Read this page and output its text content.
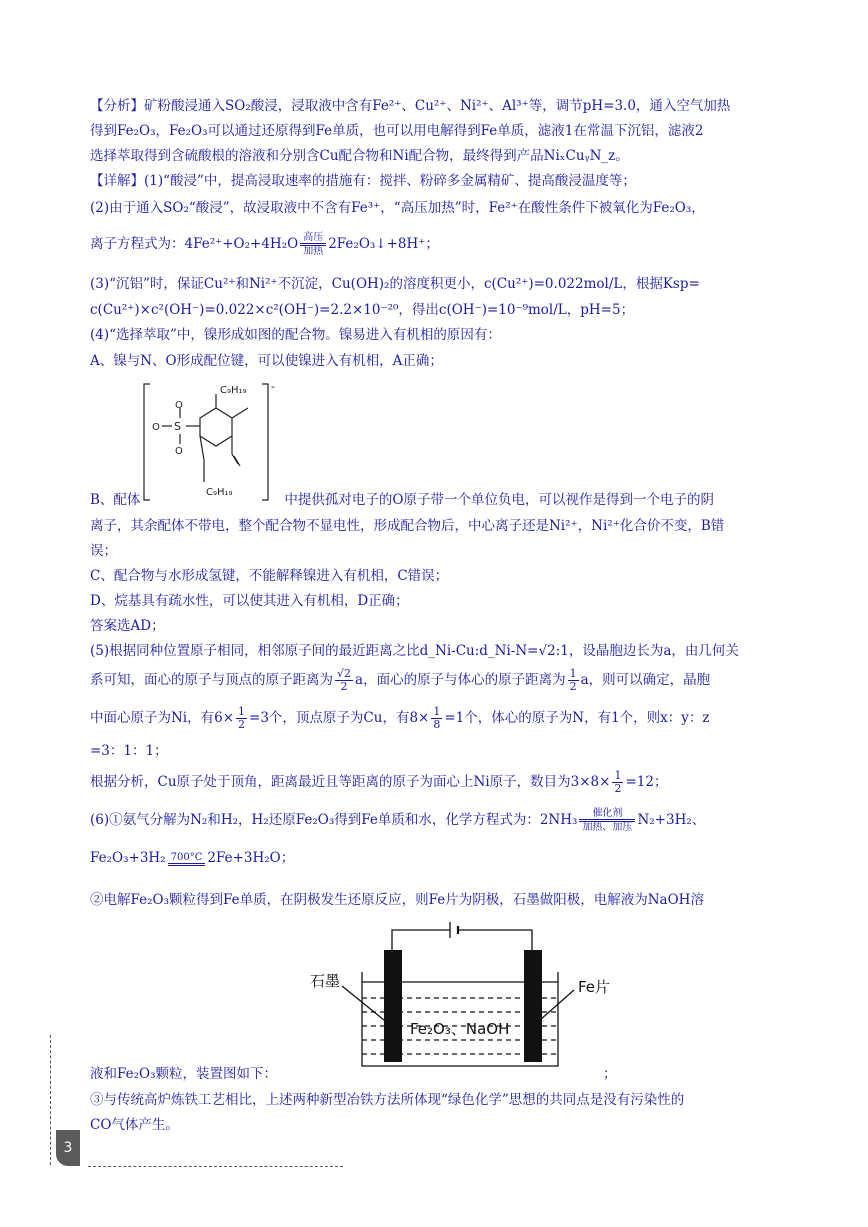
【分析】矿粉酸浸通入SO₂酸浸，浸取液中含有Fe²⁺、Cu²⁺、Ni²⁺、Al³⁺等，调节pH=3.0，通入空气加热
得到Fe₂O₃，Fe₂O₃可以通过还原得到Fe单质，也可以用电解得到Fe单质，滤液1在常温下沉铝，滤液2
选择萃取得到含硫酸根的溶液和分别含Cu配合物和Ni配合物，最终得到产品NiₓCuᵧN_z。
【详解】(1)“酸浸”中，提高浸取速率的措施有：搅拌、粉碎多金属精矿、提高酸浸温度等；
(2)由于通入SO₂“酸浸”，故浸取液中不含有Fe³⁺，“高压加热”时，Fe²⁺在酸性条件下被氧化为Fe₂O₃，
离子方程式为：4Fe²⁺+O₂+4H₂O 高压
加热 2Fe₂O₃↓+8H⁺；
(3)“沉铝”时，保证Cu²⁺和Ni²⁺不沉淀，Cu(OH)₂的溶度积更小，c(Cu²⁺)=0.022mol/L，根据Ksp=
c(Cu²⁺)×c²(OH⁻)=0.022×c²(OH⁻)=2.2×10⁻²⁰，得出c(OH⁻)=10⁻⁹mol/L，pH=5；
(4)“选择萃取”中，镍形成如图的配合物。镍易进入有机相的原因有：
A、镍与N、O形成配位键，可以使镍进入有机相，A正确；
S
O
O
O
C₉H₁₉
C₉H₁₉
-
B、配体	中提供孤对电子的O原子带一个单位负电，可以视作是得到一个电子的阴
离子，其余配体不带电，整个配合物不显电性，形成配合物后，中心离子还是Ni²⁺，Ni²⁺化合价不变，B错
误；
C、配合物与水形成氢键，不能解释镍进入有机相，C错误；
D、烷基具有疏水性，可以使其进入有机相，D正确；
答案选AD；
(5)根据同种位置原子相同，相邻原子间的最近距离之比d_Ni-Cu:d_Ni-N=√2:1，设晶胞边长为a，由几何关
系可知，面心的原子与顶点的原子距离为 $\frac{√2}{2}$ a，面心的原子与体心的原子距离为 $\frac{1}{2}$ a，则可以确定，晶胞
中面心原子为Ni，有$6\times \frac{1}{2} =3$个，顶点原子为Cu，有$8\times \frac{1}{8} =1$个，体心的原子为N，有1个，则x：y：z
=3：1：1；
根据分析，Cu原子处于顶角，距离最近且等距离的原子为面心上Ni原子，数目为$3\times 8\times \frac{1}{2} =12$；
(6)①氨气分解为N₂和H₂，H₂还原Fe₂O₃得到Fe单质和水，化学方程式为：2NH₃	催化剂
加热、加压 N₂+3H₂、
Fe₂O₃+3H₂ 700°C 2Fe+3H₂O；
②电解Fe₂O₃颗粒得到Fe单质，在阴极发生还原反应，则Fe片为阴极，石墨做阳极，电解液为NaOH溶
石墨	Fe片
Fe₂O₃、NaOH
液和Fe₂O₃颗粒，装置图如下：	；
③与传统高炉炼铁工艺相比，上述两种新型冶铁方法所体现“绿色化学”思想的共同点是没有污染性的
CO气体产生。
3
